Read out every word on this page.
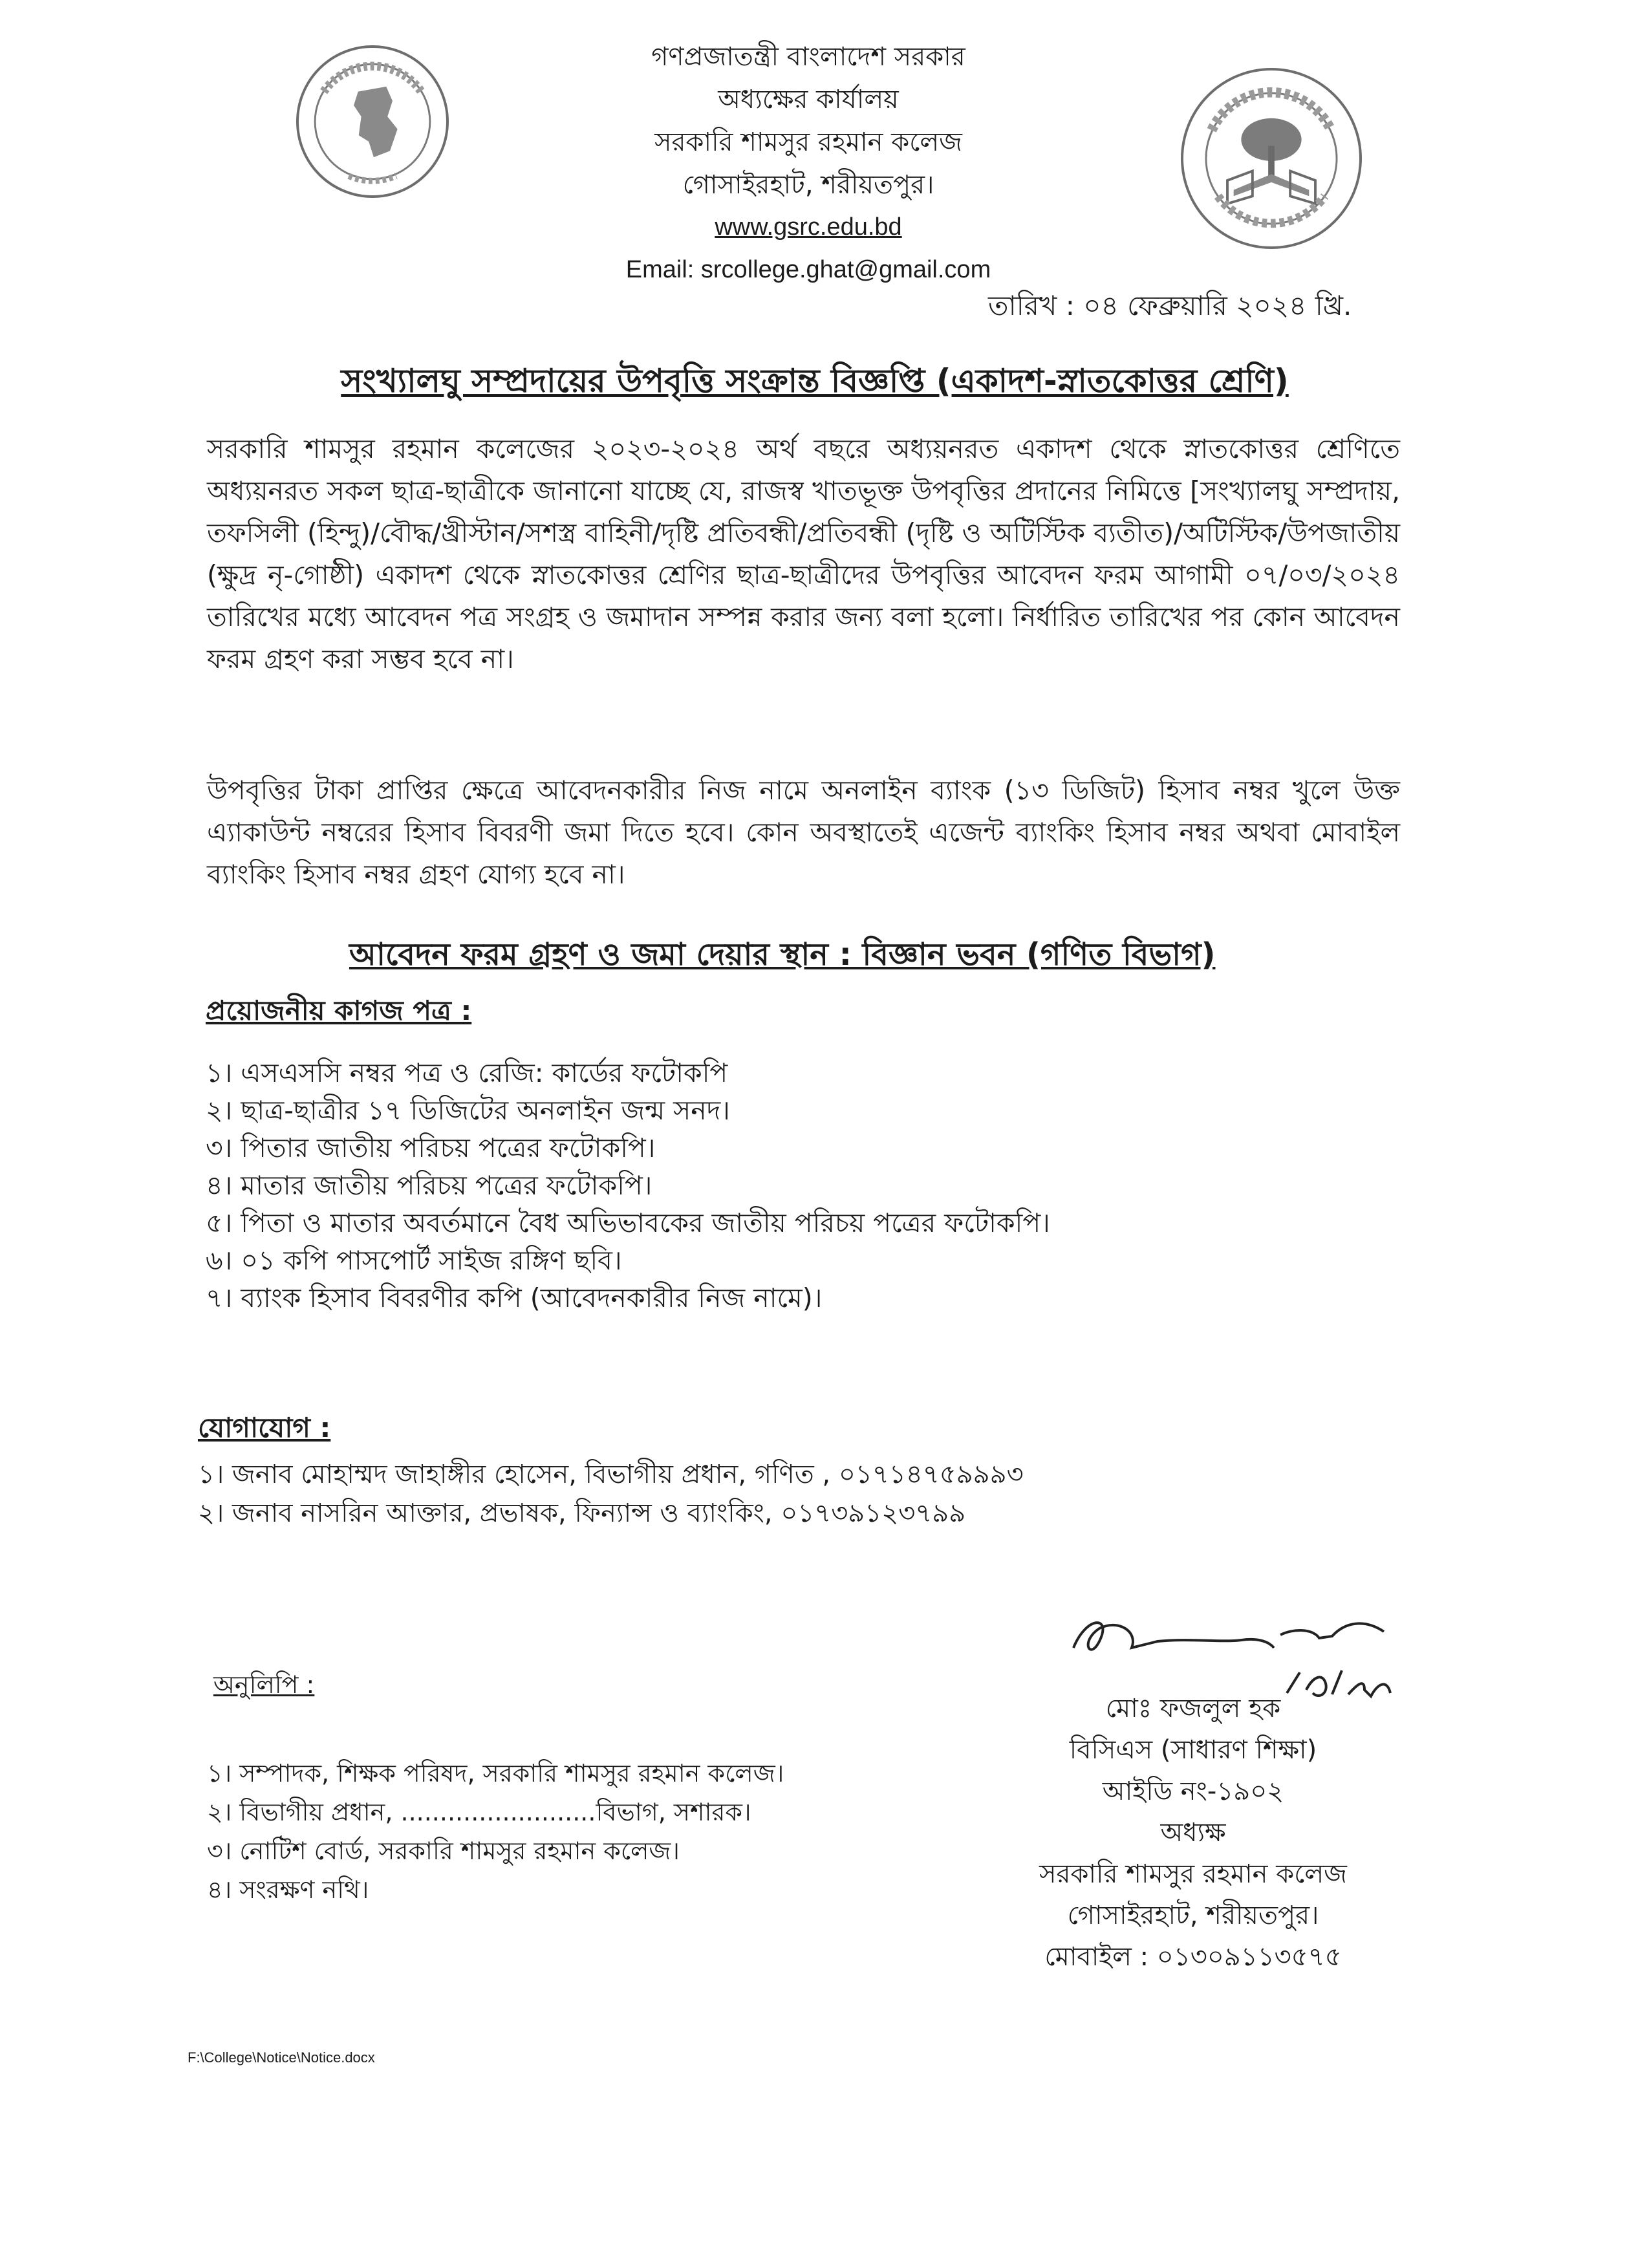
গণপ্রজাতন্ত্রী বাংলাদেশ সরকার
অধ্যক্ষের কার্যালয়
সরকারি শামসুর রহমান কলেজ
গোসাইরহাট, শরীয়তপুর।
www.gsrc.edu.bd
Email: srcollege.ghat@gmail.com
তারিখ : ০৪ ফেব্রুয়ারি ২০২৪ খ্রি.
সংখ্যালঘু সম্প্রদায়ের উপবৃত্তি সংক্রান্ত বিজ্ঞপ্তি (একাদশ-স্নাতকোত্তর শ্রেণি)
সরকারি শামসুর রহমান কলেজের ২০২৩-২০২৪ অর্থ বছরে অধ্যয়নরত একাদশ থেকে স্নাতকোত্তর শ্রেণিতে অধ্যয়নরত সকল ছাত্র-ছাত্রীকে জানানো যাচ্ছে যে, রাজস্ব খাতভূক্ত উপবৃত্তির প্রদানের নিমিত্তে [সংখ্যালঘু সম্প্রদায়, তফসিলী (হিন্দু)/বৌদ্ধ/খ্রীস্টান/সশস্ত্র বাহিনী/দৃষ্টি প্রতিবন্ধী/প্রতিবন্ধী (দৃষ্টি ও অটিস্টিক ব্যতীত)/অটিস্টিক/উপজাতীয় (ক্ষুদ্র নৃ-গোষ্ঠী) একাদশ থেকে স্নাতকোত্তর শ্রেণির ছাত্র-ছাত্রীদের উপবৃত্তির আবেদন ফরম আগামী ০৭/০৩/২০২৪ তারিখের মধ্যে আবেদন পত্র সংগ্রহ ও জমাদান সম্পন্ন করার জন্য বলা হলো। নির্ধারিত তারিখের পর কোন আবেদন ফরম গ্রহণ করা সম্ভব হবে না।
উপবৃত্তির টাকা প্রাপ্তির ক্ষেত্রে আবেদনকারীর নিজ নামে অনলাইন ব্যাংক (১৩ ডিজিট) হিসাব নম্বর খুলে উক্ত এ্যাকাউন্ট নম্বরের হিসাব বিবরণী জমা দিতে হবে। কোন অবস্থাতেই এজেন্ট ব্যাংকিং হিসাব নম্বর অথবা মোবাইল ব্যাংকিং হিসাব নম্বর গ্রহণ যোগ্য হবে না।
আবেদন ফরম গ্রহণ ও জমা দেয়ার স্থান : বিজ্ঞান ভবন (গণিত বিভাগ)
প্রয়োজনীয় কাগজ পত্র :
১। এসএসসি নম্বর পত্র ও রেজি: কার্ডের ফটোকপি
২। ছাত্র-ছাত্রীর ১৭ ডিজিটের অনলাইন জন্ম সনদ।
৩। পিতার জাতীয় পরিচয় পত্রের ফটোকপি।
৪। মাতার জাতীয় পরিচয় পত্রের ফটোকপি।
৫। পিতা ও মাতার অবর্তমানে বৈধ অভিভাবকের জাতীয় পরিচয় পত্রের ফটোকপি।
৬। ০১ কপি পাসপোর্ট সাইজ রঙ্গিণ ছবি।
৭। ব্যাংক হিসাব বিবরণীর কপি (আবেদনকারীর নিজ নামে)।
যোগাযোগ :
১। জনাব মোহাম্মদ জাহাঙ্গীর হোসেন, বিভাগীয় প্রধান, গণিত , ০১৭১৪৭৫৯৯৯৩
২। জনাব নাসরিন আক্তার, প্রভাষক, ফিন্যান্স ও ব্যাংকিং, ০১৭৩৯১২৩৭৯৯
মোঃ ফজলুল হক
বিসিএস (সাধারণ শিক্ষা)
আইডি নং-১৯০২
অধ্যক্ষ
সরকারি শামসুর রহমান কলেজ
গোসাইরহাট, শরীয়তপুর।
মোবাইল : ০১৩০৯১১৩৫৭৫
অনুলিপি :
১। সম্পাদক, শিক্ষক পরিষদ, সরকারি শামসুর রহমান কলেজ।
২। বিভাগীয় প্রধান, .........................বিভাগ, সশারক।
৩। নোটিশ বোর্ড, সরকারি শামসুর রহমান কলেজ।
৪। সংরক্ষণ নথি।
F:\College\Notice\Notice.docx
